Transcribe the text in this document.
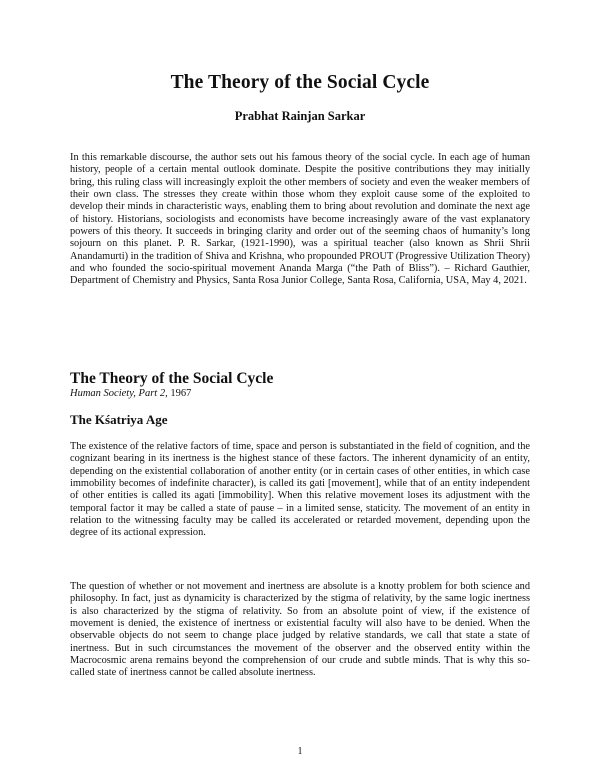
The Theory of the Social Cycle
Prabhat Rainjan Sarkar
In this remarkable discourse, the author sets out his famous theory of the social cycle. In each age of human history, people of a certain mental outlook dominate. Despite the positive contributions they may initially bring, this ruling class will increasingly exploit the other members of society and even the weaker members of their own class. The stresses they create within those whom they exploit cause some of the exploited to develop their minds in characteristic ways, enabling them to bring about revolution and dominate the next age of history. Historians, sociologists and economists have become increasingly aware of the vast explanatory powers of this theory. It succeeds in bringing clarity and order out of the seeming chaos of humanity’s long sojourn on this planet. P. R. Sarkar, (1921-1990), was a spiritual teacher (also known as Shrii Shrii Anandamurti) in the tradition of Shiva and Krishna, who propounded PROUT (Progressive Utilization Theory) and who founded the socio-spiritual movement Ananda Marga (“the Path of Bliss”). – Richard Gauthier, Department of Chemistry and Physics, Santa Rosa Junior College, Santa Rosa, California, USA, May 4, 2021.
The Theory of the Social Cycle
Human Society, Part 2, 1967
The Kśatriya Age
The existence of the relative factors of time, space and person is substantiated in the field of cognition, and the cognizant bearing in its inertness is the highest stance of these factors. The inherent dynamicity of an entity, depending on the existential collaboration of another entity (or in certain cases of other entities, in which case immobility becomes of indefinite character), is called its gati [movement], while that of an entity independent of other entities is called its agati [immobility]. When this relative movement loses its adjustment with the temporal factor it may be called a state of pause – in a limited sense, staticity. The movement of an entity in relation to the witnessing faculty may be called its accelerated or retarded movement, depending upon the degree of its actional expression.
The question of whether or not movement and inertness are absolute is a knotty problem for both science and philosophy. In fact, just as dynamicity is characterized by the stigma of relativity, by the same logic inertness is also characterized by the stigma of relativity. So from an absolute point of view, if the existence of movement is denied, the existence of inertness or existential faculty will also have to be denied. When the observable objects do not seem to change place judged by relative standards, we call that state a state of inertness. But in such circumstances the movement of the observer and the observed entity within the Macrocosmic arena remains beyond the comprehension of our crude and subtle minds. That is why this so-called state of inertness cannot be called absolute inertness.
1
